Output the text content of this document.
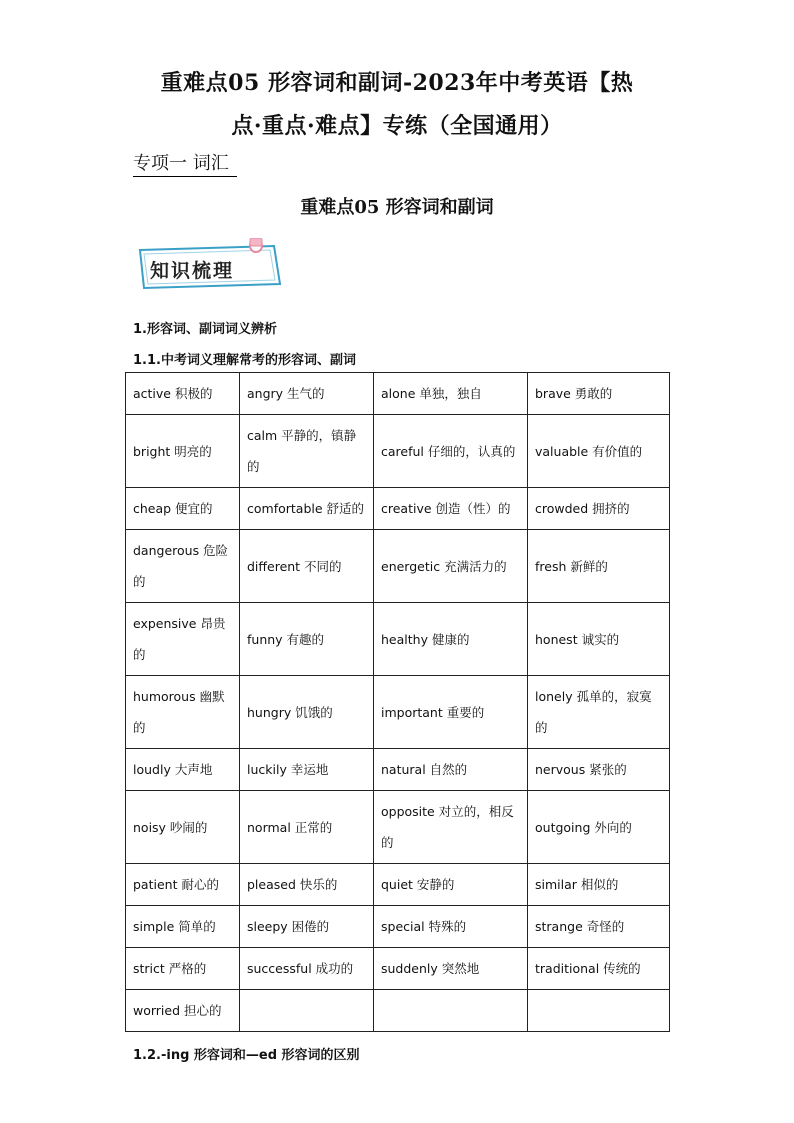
重难点05 形容词和副词-2023年中考英语【热
点·重点·难点】专练（全国通用）
专项一 词汇
重难点05 形容词和副词
知识梳理
1.形容词、副词词义辨析
1.1.中考词义理解常考的形容词、副词
active 积极的	angry 生气的	alone 单独，独自	brave 勇敢的
bright 明亮的	calm 平静的，镇静的	careful 仔细的，认真的	valuable 有价值的
cheap 便宜的	comfortable 舒适的	creative 创造（性）的	crowded 拥挤的
dangerous 危险的	different 不同的	energetic 充满活力的	fresh 新鲜的
expensive 昂贵的	funny 有趣的	healthy 健康的	honest 诚实的
humorous 幽默的	hungry 饥饿的	important 重要的	lonely 孤单的，寂寞的
loudly 大声地	luckily 幸运地	natural 自然的	nervous 紧张的
noisy 吵闹的	normal 正常的	opposite 对立的，相反的	outgoing 外向的
patient 耐心的	pleased 快乐的	quiet 安静的	similar 相似的
simple 简单的	sleepy 困倦的	special 特殊的	strange 奇怪的
strict 严格的	successful 成功的	suddenly 突然地	traditional 传统的
worried 担心的			
1.2.-ing 形容词和—ed 形容词的区别
